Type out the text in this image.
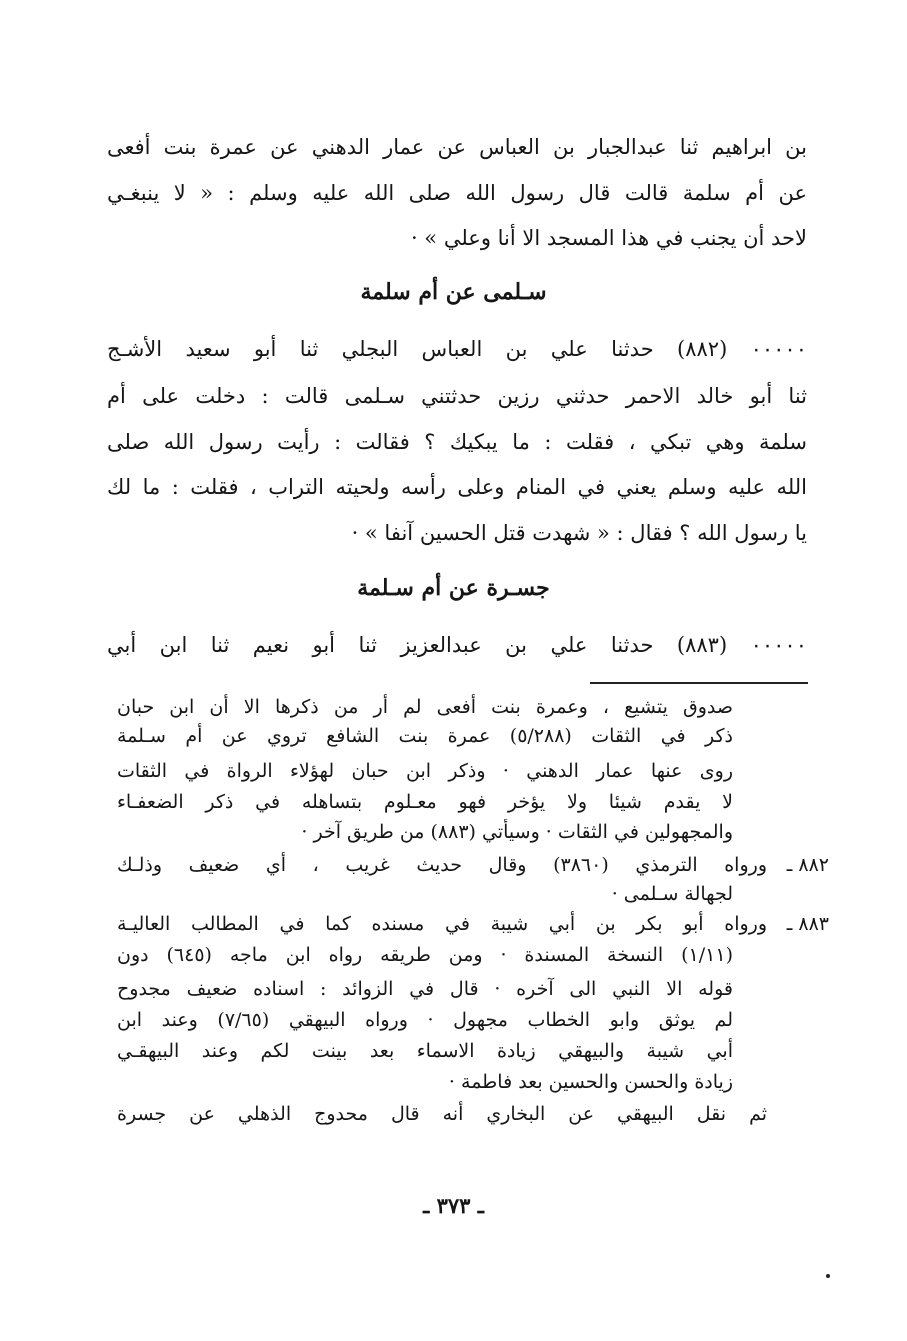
بن ابراهيم ثنا عبدالجبار بن العباس عن عمار الدهني عن عمرة بنت أفعى
عن أم سلمة قالت قال رسول الله صلى الله عليه وسلم : « لا ينبغـي
لاحد أن يجنب في هذا المسجد الا أنا وعلي » ·
سـلمى عن أم سلمة
٠٠٠٠٠ (٨٨٢) حدثنا علي بن العباس البجلي ثنا أبو سعيد الأشـج
ثنا أبو خالد الاحمر حدثني رزين حدثتني سـلمى قالت : دخلت على أم
سلمة وهي تبكي ، فقلت : ما يبكيك ؟ فقالت : رأيت رسول الله صلى
الله عليه وسلم يعني في المنام وعلى رأسه ولحيته التراب ، فقلت : ما لك
يا رسول الله ؟ فقال : « شهدت قتل الحسين آنفا » ·
جسـرة عن أم سـلمة
٠٠٠٠٠ (٨٨٣) حدثنا علي بن عبدالعزيز ثنا أبو نعيم ثنا ابن أبي
صدوق يتشيع ، وعمرة بنت أفعى لم أر من ذكرها الا أن ابن حبان
ذكر في الثقات (٥/٢٨٨) عمرة بنت الشافع تروي عن أم سـلمة
روى عنها عمار الدهني · وذكر ابن حبان لهؤلاء الرواة في الثقات
لا يقدم شيئا ولا يؤخر فهو معـلوم بتساهله في ذكر الضعفـاء
والمجهولين في الثقات · وسيأتي (٨٨٣) من طريق آخر ·
٨٨٢ ـ
ورواه الترمذي (٣٨٦٠) وقال حديث غريب ، أي ضعيف وذلـك
لجهالة سـلمى ·
٨٨٣ ـ
ورواه أبو بكر بن أبي شيبة في مسنده كما في المطالب العاليـة
(١/١١) النسخة المسندة · ومن طريقه رواه ابن ماجه (٦٤٥) دون
قوله الا النبي الى آخره · قال في الزوائد : اسناده ضعيف مجدوح
لم يوثق وابو الخطاب مجهول · ورواه البيهقي (٧/٦٥) وعند ابن
أبي شيبة والبيهقي زيادة الاسماء بعد بينت لكم وعند البيهقـي
زيادة والحسن والحسين بعد فاطمة ·
ثم نقل البيهقي عن البخاري أنه قال محدوج الذهلي عن جسرة
ـ ٣٧٣ ـ
